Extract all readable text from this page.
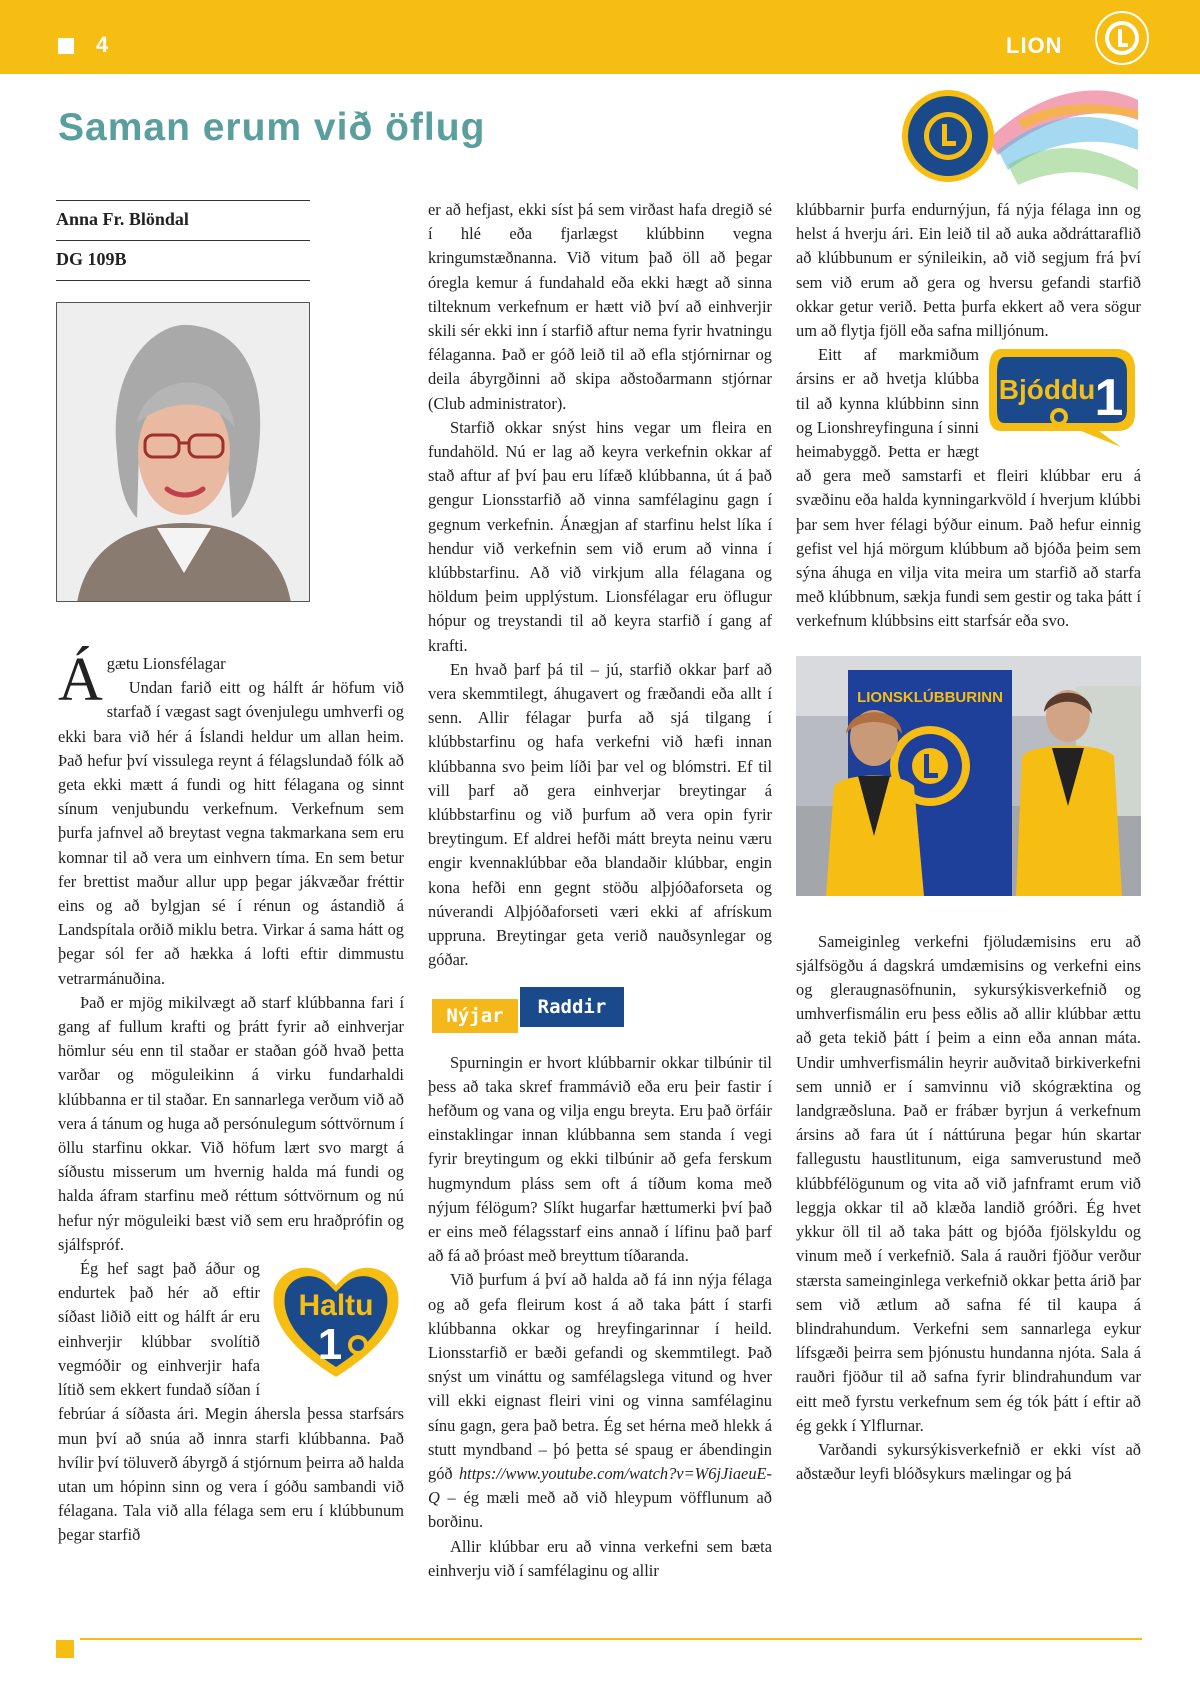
4	LION
Saman erum við öflug
Anna Fr. Blöndal
DG 109B

Á gætu Lionsfélagar
Undan farið eitt og hálft ár höfum við starfað í vægast sagt óvenjulegu umhverfi og ekki bara við hér á Íslandi heldur um allan heim. Það hefur því vissulega reynt á félagslundað fólk að geta ekki mætt á fundi og hitt félagana og sinnt sínum venjubundu verkefnum. Verkefnum sem þurfa jafnvel að breytast vegna takmarkana sem eru komnar til að vera um einhvern tíma. En sem betur fer brettist maður allur upp þegar jákvæðar fréttir eins og að bylgjan sé í rénun og ástandið á Landspítala orðið miklu betra. Virkar á sama hátt og þegar sól fer að hækka á lofti eftir dimmustu vetrarmánuðina.

Það er mjög mikilvægt að starf klúbbanna fari í gang af fullum krafti og þrátt fyrir að einhverjar hömlur séu enn til staðar er staðan góð hvað þetta varðar og möguleikinn á virku fundarhaldi klúbbanna er til staðar. En sannarlega verðum við að vera á tánum og huga að persónulegum sóttvörnum í öllu starfinu okkar. Við höfum lært svo margt á síðustu misserum um hvernig halda má fundi og halda áfram starfinu með réttum sóttvörnum og nú hefur nýr möguleiki bæst við sem eru hraðprófin og sjálfspróf.

Haltu
1
Ég hef sagt það áður og endurtek það hér að eftir síðast liðið eitt og hálft ár eru einhverjir klúbbar svolítið vegmóðir og einhverjir hafa lítið sem ekkert fundað síðan í febrúar á síðasta ári. Megin áhersla þessa starfsárs mun því að snúa að innra starfi klúbbanna. Það hvílir því töluverð ábyrgð á stjórnum þeirra að halda utan um hópinn sinn og vera í góðu sambandi við félagana. Tala við alla félaga sem eru í klúbbunum þegar starfið

er að hefjast, ekki síst þá sem virðast hafa dregið sé í hlé eða fjarlægst klúbbinn vegna kringumstæðnanna. Við vitum það öll að þegar óregla kemur á fundahald eða ekki hægt að sinna tilteknum verkefnum er hætt við því að einhverjir skili sér ekki inn í starfið aftur nema fyrir hvatningu félaganna. Það er góð leið til að efla stjórnirnar og deila ábyrgðinni að skipa aðstoðarmann stjórnar (Club administrator).

Starfið okkar snýst hins vegar um fleira en fundahöld. Nú er lag að keyra verkefnin okkar af stað aftur af því þau eru lífæð klúbbanna, út á það gengur Lionsstarfið að vinna samfélaginu gagn í gegnum verkefnin. Ánægjan af starfinu helst líka í hendur við verkefnin sem við erum að vinna í klúbbstarfinu. Að við virkjum alla félagana og höldum þeim upplýstum. Lionsfélagar eru öflugur hópur og treystandi til að keyra starfið í gang af krafti.

En hvað þarf þá til – jú, starfið okkar þarf að vera skemmtilegt, áhugavert og fræðandi eða allt í senn. Allir félagar þurfa að sjá tilgang í klúbbstarfinu og hafa verkefni við hæfi innan klúbbanna svo þeim líði þar vel og blómstri. Ef til vill þarf að gera einhverjar breytingar á klúbbstarfinu og við þurfum að vera opin fyrir breytingum. Ef aldrei hefði mátt breyta neinu væru engir kvennaklúbbar eða blandaðir klúbbar, engin kona hefði enn gegnt stöðu alþjóðaforseta og núverandi Alþjóðaforseti væri ekki af afrískum uppruna. Breytingar geta verið nauðsynlegar og góðar.

Nýjar	Raddir

Spurningin er hvort klúbbarnir okkar tilbúnir til þess að taka skref frammávið eða eru þeir fastir í hefðum og vana og vilja engu breyta. Eru það örfáir einstaklingar innan klúbbanna sem standa í vegi fyrir breytingum og ekki tilbúnir að gefa ferskum hugmyndum pláss sem oft á tíðum koma með nýjum félögum? Slíkt hugarfar hættumerki því það er eins með félagsstarf eins annað í lífinu það þarf að fá að þróast með breyttum tíðaranda.

Við þurfum á því að halda að fá inn nýja félaga og að gefa fleirum kost á að taka þátt í starfi klúbbanna okkar og hreyfingarinnar í heild. Lionsstarfið er bæði gefandi og skemmtilegt. Það snýst um vináttu og samfélagslega vitund og hver vill ekki eignast fleiri vini og vinna samfélaginu sínu gagn, gera það betra. Ég set hérna með hlekk á stutt myndband – þó þetta sé spaug er ábendingin góð https://www.youtube.com/watch?v=W6jJiaeuE-Q – ég mæli með að við hleypum vöfflunum að borðinu.

Allir klúbbar eru að vinna verkefni sem bæta einhverju við í samfélaginu og allir

klúbbarnir þurfa endurnýjun, fá nýja félaga inn og helst á hverju ári. Ein leið til að auka aðdráttaraflið að klúbbunum er sýnileikin, að við segjum frá því sem við erum að gera og hversu gefandi starfið okkar getur verið. Þetta þurfa ekkert að vera sögur um að flytja fjöll eða safna milljónum.

Bjóddu 1
Eitt af markmiðum ársins er að hvetja klúbba til að kynna klúbbinn sinn og Lionshreyfinguna í sinni heimabyggð. Þetta er hægt að gera með samstarfi et fleiri klúbbar eru á svæðinu eða halda kynningarkvöld í hverjum klúbbi þar sem hver félagi býður einum. Það hefur einnig gefist vel hjá mörgum klúbbum að bjóða þeim sem sýna áhuga en vilja vita meira um starfið að starfa með klúbbnum, sækja fundi sem gestir og taka þátt í verkefnum klúbbsins eitt starfsár eða svo.

LIONSKLÚBBURINN

Sameiginleg verkefni fjöludæmisins eru að sjálfsögðu á dagskrá umdæmisins og verkefni eins og gleraugnasöfnunin, sykursýkisverkefnið og umhverfismálin eru þess eðlis að allir klúbbar ættu að geta tekið þátt í þeim a einn eða annan máta. Undir umhverfismálin heyrir auðvitað birkiverkefni sem unnið er í samvinnu við skógræktina og landgræðsluna. Það er frábær byrjun á verkefnum ársins að fara út í náttúruna þegar hún skartar fallegustu haustlitunum, eiga samverustund með klúbbfélögunum og vita að við jafnframt erum við leggja okkar til að klæða landið gróðri. Ég hvet ykkur öll til að taka þátt og bjóða fjölskyldu og vinum með í verkefnið. Sala á rauðri fjöður verður stærsta sameinginlega verkefnið okkar þetta árið þar sem við ætlum að safna fé til kaupa á blindrahundum. Verkefni sem sannarlega eykur lífsgæði þeirra sem þjónustu hundanna njóta. Sala á rauðri fjöður til að safna fyrir blindrahundum var eitt með fyrstu verkefnum sem ég tók þátt í eftir að ég gekk í Ylflurnar.

Varðandi sykursýkisverkefnið er ekki víst að aðstæður leyfi blóðsykurs mælingar og þá
